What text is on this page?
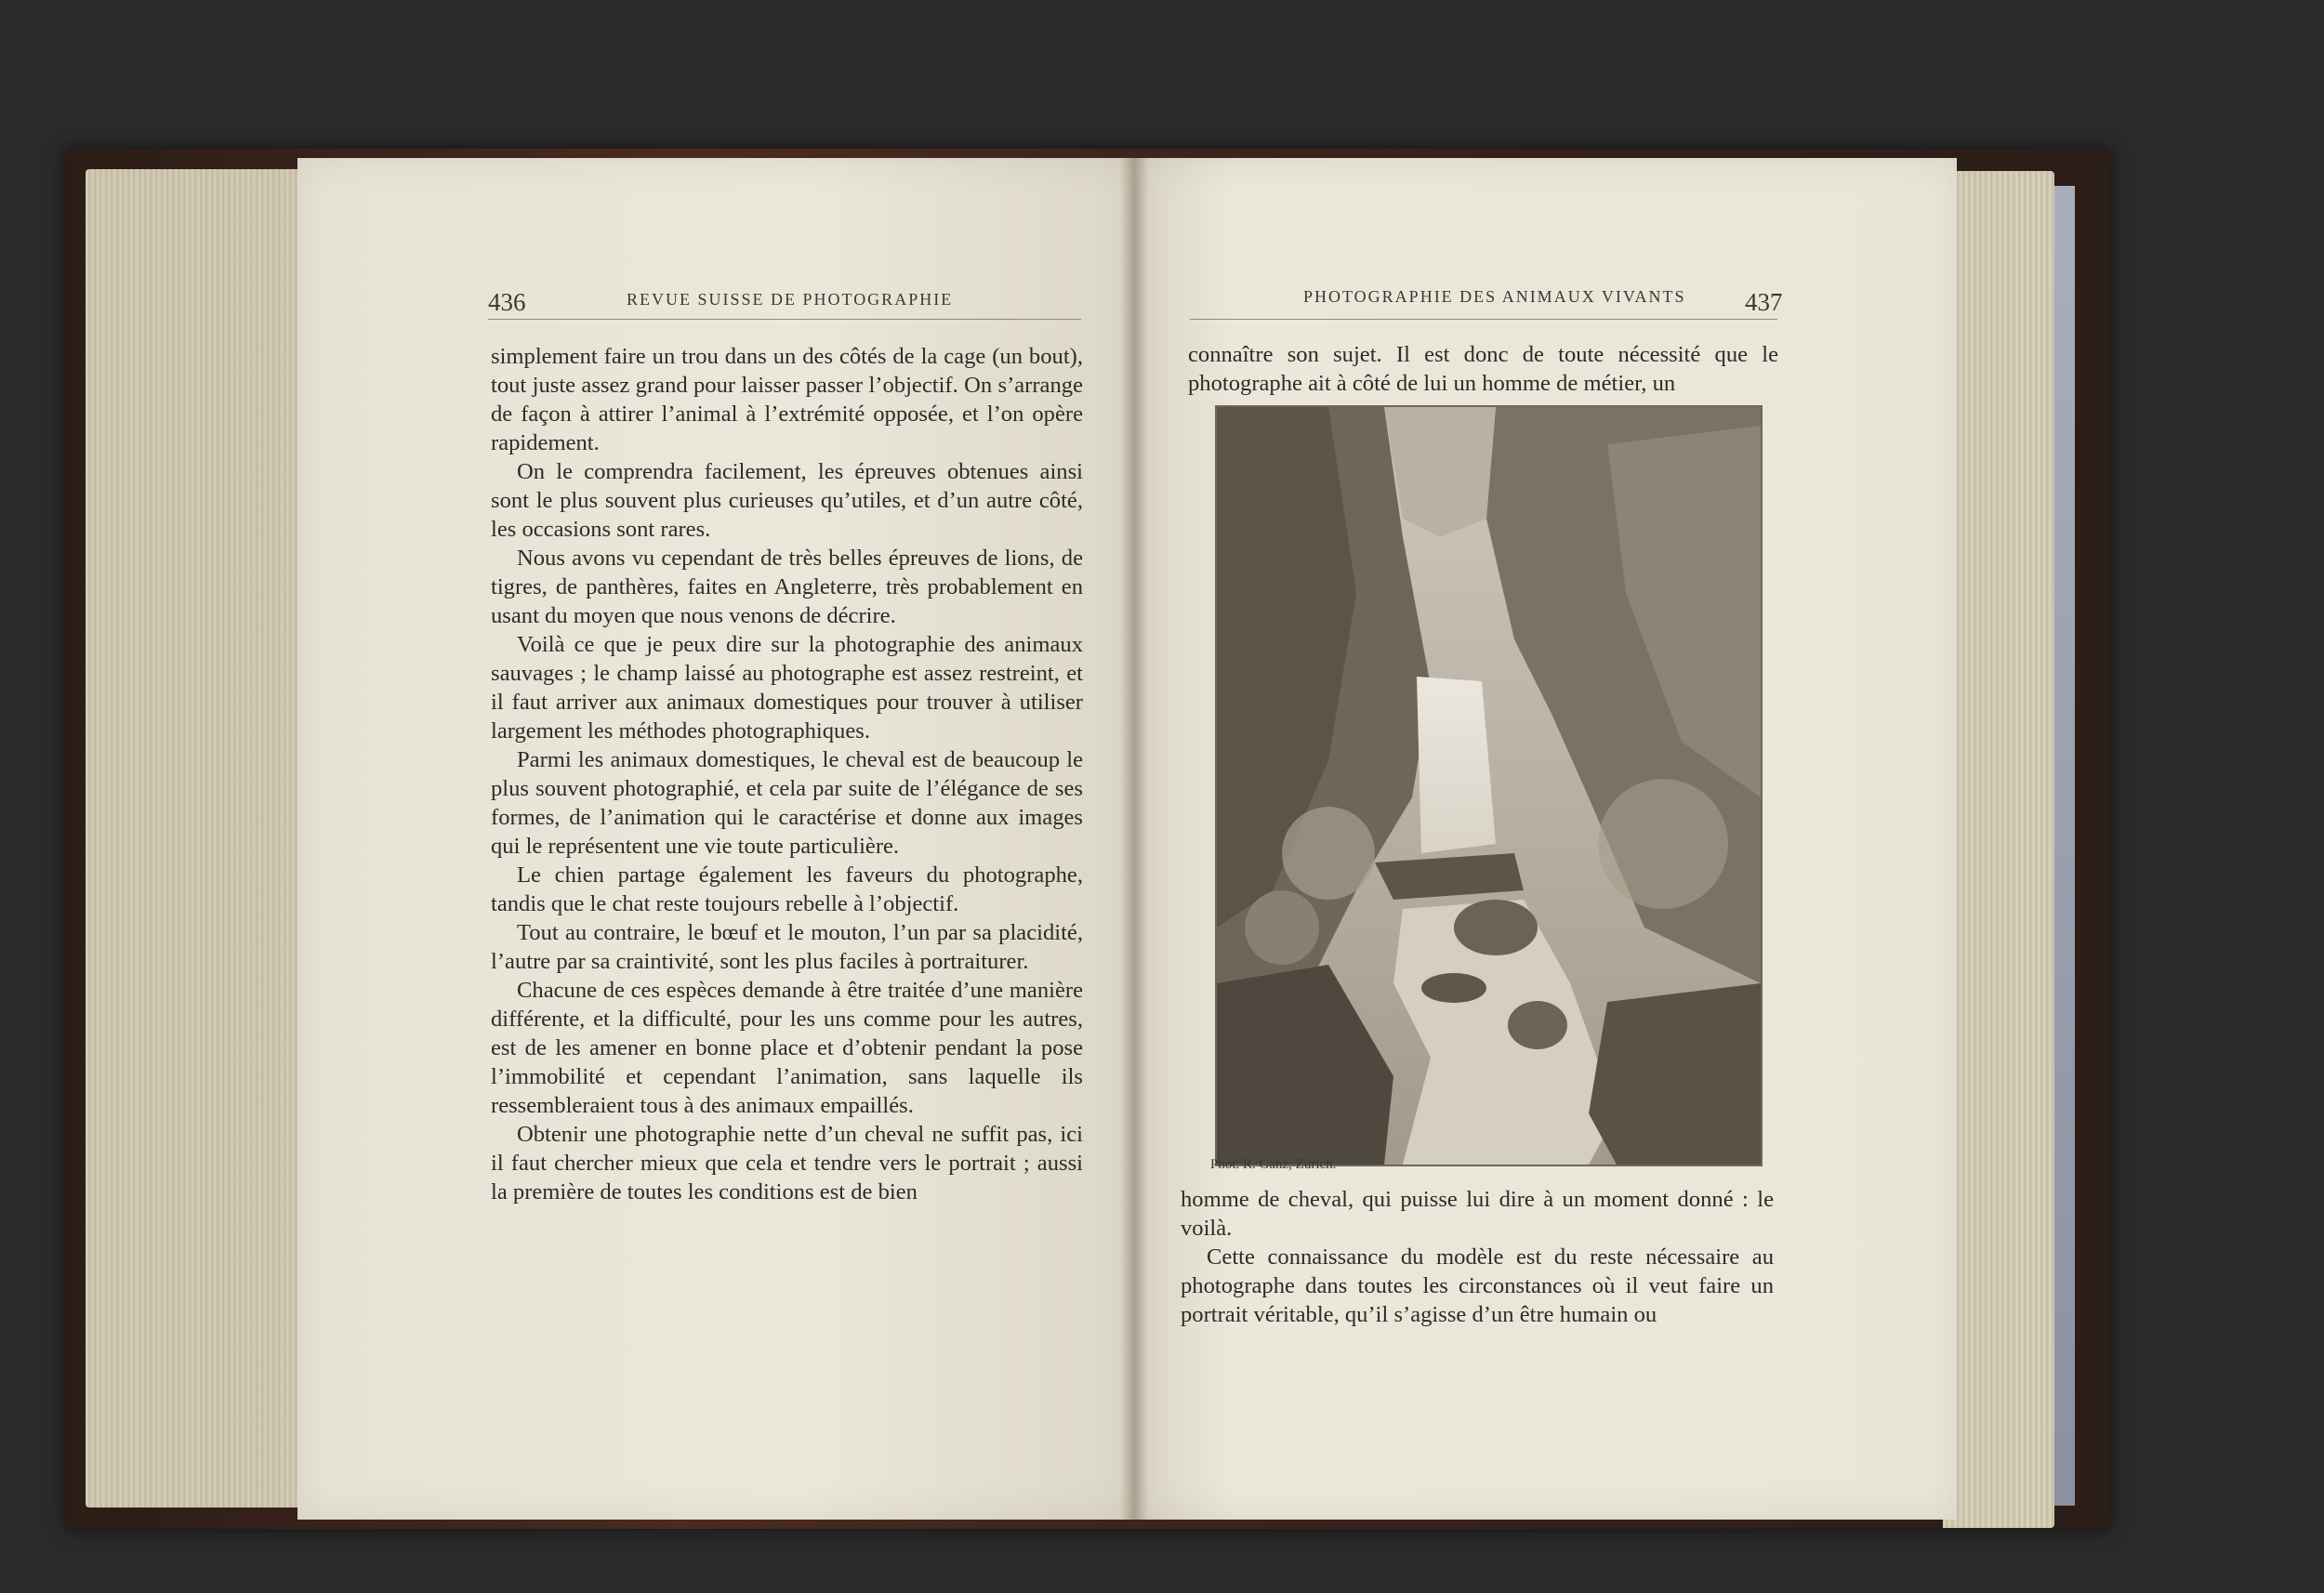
436	REVUE SUISSE DE PHOTOGRAPHIE

simplement faire un trou dans un des côtés de la cage (un bout), tout juste assez grand pour laisser passer l’objectif. On s’arrange de façon à attirer l’animal à l’extrémité opposée, et l’on opère rapidement.

On le comprendra facilement, les épreuves obtenues ainsi sont le plus souvent plus curieuses qu’utiles, et d’un autre côté, les occasions sont rares.

Nous avons vu cependant de très belles épreuves de lions, de tigres, de panthères, faites en Angleterre, très probablement en usant du moyen que nous venons de décrire.

Voilà ce que je peux dire sur la photographie des animaux sauvages ; le champ laissé au photographe est assez restreint, et il faut arriver aux animaux domestiques pour trouver à utiliser largement les méthodes photographiques.

Parmi les animaux domestiques, le cheval est de beaucoup le plus souvent photographié, et cela par suite de l’élégance de ses formes, de l’animation qui le caractérise et donne aux images qui le représentent une vie toute particulière.

Le chien partage également les faveurs du photographe, tandis que le chat reste toujours rebelle à l’objectif.

Tout au contraire, le bœuf et le mouton, l’un par sa placidité, l’autre par sa craintivité, sont les plus faciles à portraiturer.

Chacune de ces espèces demande à être traitée d’une manière différente, et la difficulté, pour les uns comme pour les autres, est de les amener en bonne place et d’obtenir pendant la pose l’immobilité et cependant l’animation, sans laquelle ils ressembleraient tous à des animaux empaillés.

Obtenir une photographie nette d’un cheval ne suffit pas, ici il faut chercher mieux que cela et tendre vers le portrait ; aussi la première de toutes les conditions est de bien

PHOTOGRAPHIE DES ANIMAUX VIVANTS 437

connaître son sujet. Il est donc de toute nécessité que le photographe ait à côté de lui un homme de métier, un

Phot. R. Ganz, Zurich.

homme de cheval, qui puisse lui dire à un moment donné : le voilà.

Cette connaissance du modèle est du reste nécessaire au photographe dans toutes les circonstances où il veut faire un portrait véritable, qu’il s’agisse d’un être humain ou
